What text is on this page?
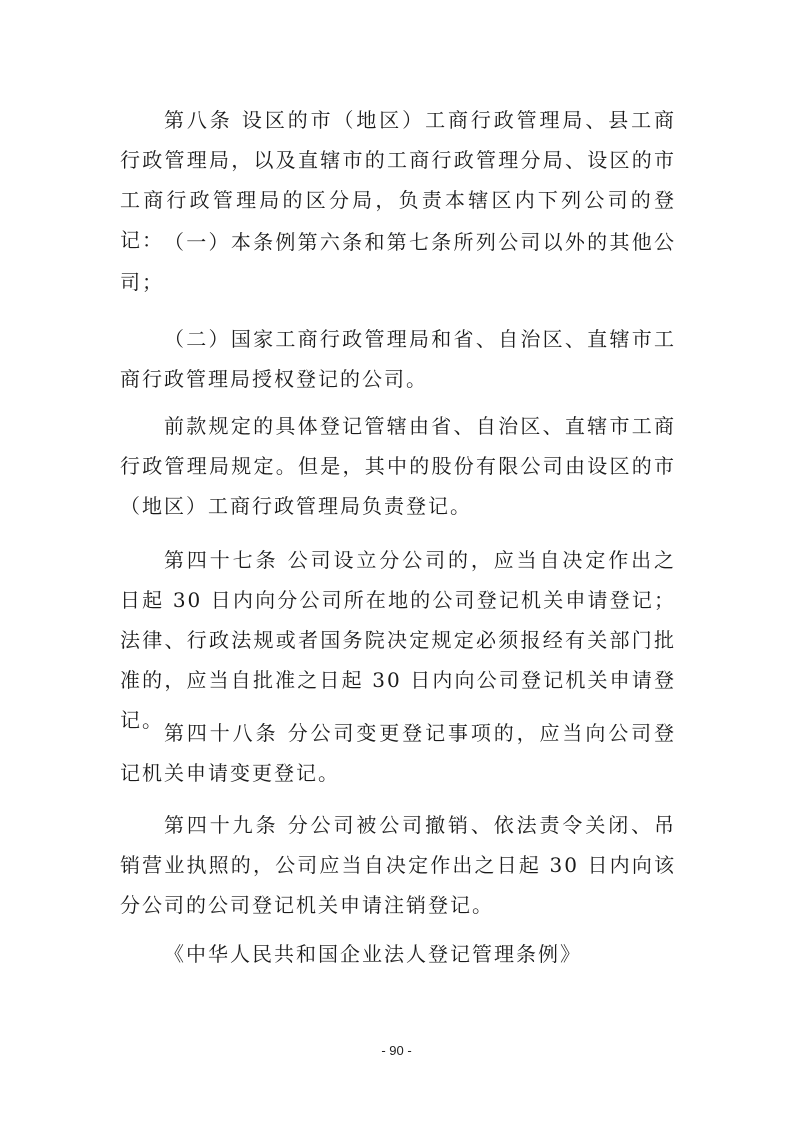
第八条 设区的市（地区）工商行政管理局、县工商行政管理局，以及直辖市的工商行政管理分局、设区的市工商行政管理局的区分局，负责本辖区内下列公司的登记： （一）本条例第六条和第七条所列公司以外的其他公司；

（二）国家工商行政管理局和省、自治区、直辖市工商行政管理局授权登记的公司。

前款规定的具体登记管辖由省、自治区、直辖市工商行政管理局规定。但是，其中的股份有限公司由设区的市（地区）工商行政管理局负责登记。

第四十七条 公司设立分公司的，应当自决定作出之日起 30 日内向分公司所在地的公司登记机关申请登记；法律、行政法规或者国务院决定规定必须报经有关部门批准的，应当自批准之日起 30 日内向公司登记机关申请登记。

第四十八条 分公司变更登记事项的，应当向公司登记机关申请变更登记。

第四十九条 分公司被公司撤销、依法责令关闭、吊销营业执照的，公司应当自决定作出之日起 30 日内向该分公司的公司登记机关申请注销登记。

《中华人民共和国企业法人登记管理条例》

- 90 -
